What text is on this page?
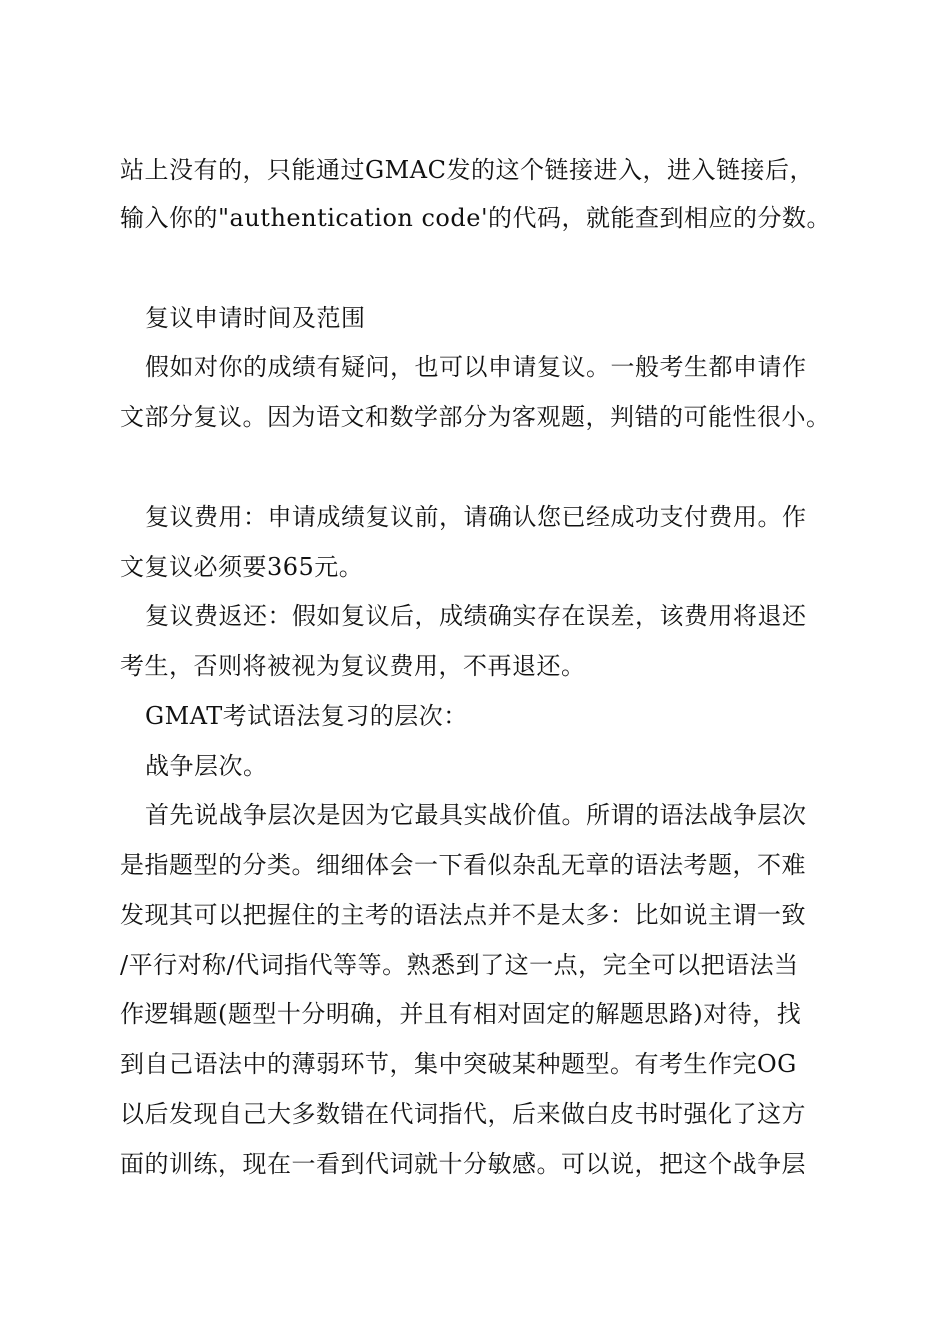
站上没有的，只能通过GMAC发的这个链接进入，进入链接后，
输入你的"authentication code'的代码，就能查到相应的分数。
复议申请时间及范围
假如对你的成绩有疑问，也可以申请复议。一般考生都申请作
文部分复议。因为语文和数学部分为客观题，判错的可能性很小。
复议费用：申请成绩复议前，请确认您已经成功支付费用。作
文复议必须要365元。
复议费返还：假如复议后，成绩确实存在误差，该费用将退还
考生，否则将被视为复议费用，不再退还。
GMAT考试语法复习的层次：
战争层次。
首先说战争层次是因为它最具实战价值。所谓的语法战争层次
是指题型的分类。细细体会一下看似杂乱无章的语法考题，不难
发现其可以把握住的主考的语法点并不是太多：比如说主谓一致
/平行对称/代词指代等等。熟悉到了这一点，完全可以把语法当
作逻辑题(题型十分明确，并且有相对固定的解题思路)对待，找
到自己语法中的薄弱环节，集中突破某种题型。有考生作完OG
以后发现自己大多数错在代词指代，后来做白皮书时强化了这方
面的训练，现在一看到代词就十分敏感。可以说，把这个战争层
